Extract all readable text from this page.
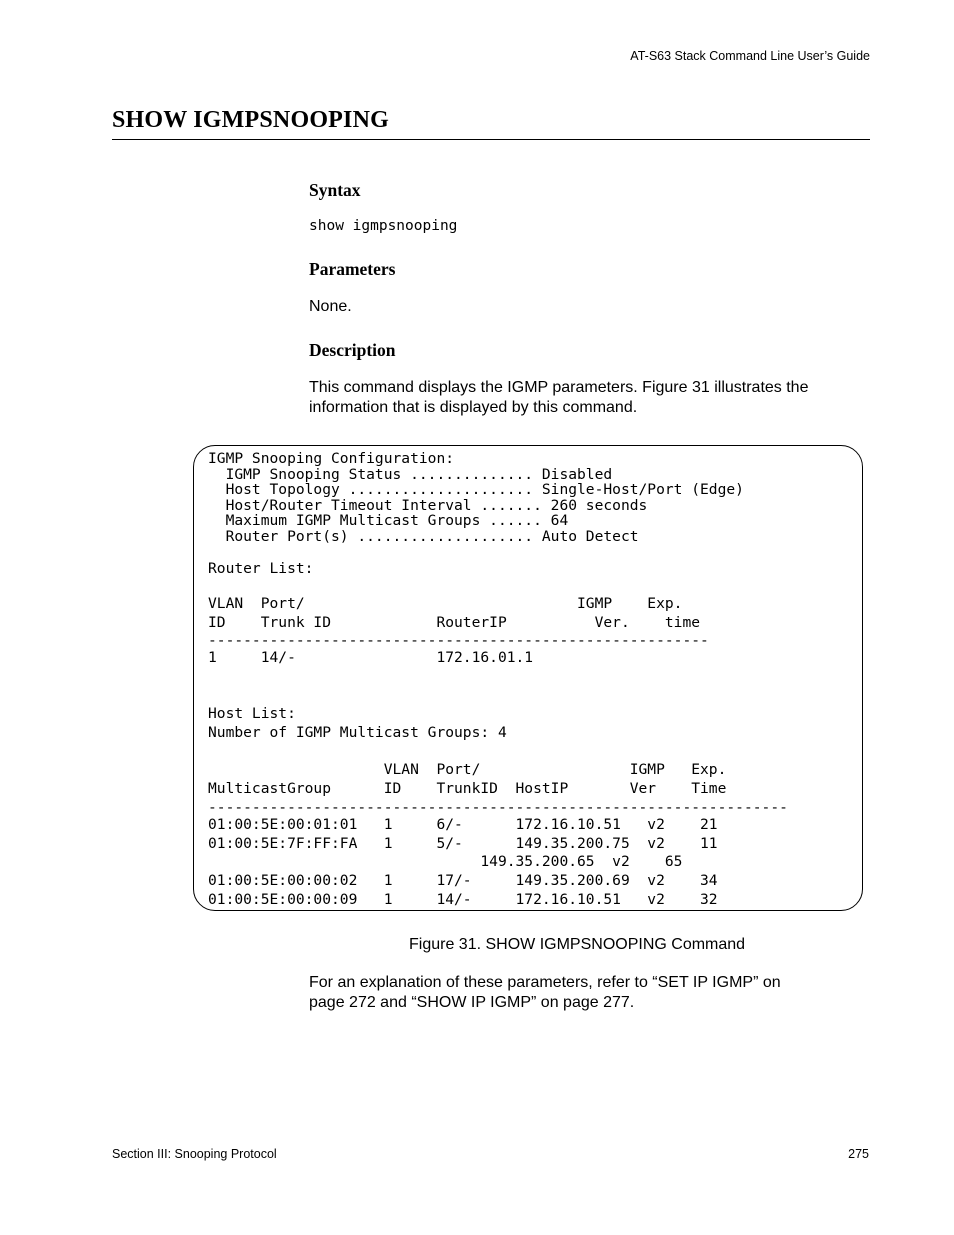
AT-S63 Stack Command Line User’s Guide
SHOW IGMPSNOOPING
Syntax
show igmpsnooping
Parameters
None.
Description
This command displays the IGMP parameters. Figure 31 illustrates the
information that is displayed by this command.
IGMP Snooping Configuration:
IGMP Snooping Status .............. Disabled
Host Topology ..................... Single-Host/Port (Edge)
Host/Router Timeout Interval ....... 260 seconds
Maximum IGMP Multicast Groups ...... 64
Router Port(s) .................... Auto Detect
Router List:
VLAN  Port/                               IGMP    Exp.
ID    Trunk ID            RouterIP          Ver.    time
---------------------------------------------------------
1     14/-                172.16.01.1
Host List:
Number of IGMP Multicast Groups: 4
VLAN  Port/                 IGMP   Exp.
MulticastGroup      ID    TrunkID  HostIP       Ver    Time
------------------------------------------------------------------
01:00:5E:00:01:01   1     6/-      172.16.10.51   v2    21
01:00:5E:7F:FF:FA   1     5/-      149.35.200.75  v2    11
149.35.200.65  v2    65
01:00:5E:00:00:02   1     17/-     149.35.200.69  v2    34
01:00:5E:00:00:09   1     14/-     172.16.10.51   v2    32
Figure 31. SHOW IGMPSNOOPING Command
For an explanation of these parameters, refer to “SET IP IGMP” on
page 272 and “SHOW IP IGMP” on page 277.
Section III: Snooping Protocol	275
